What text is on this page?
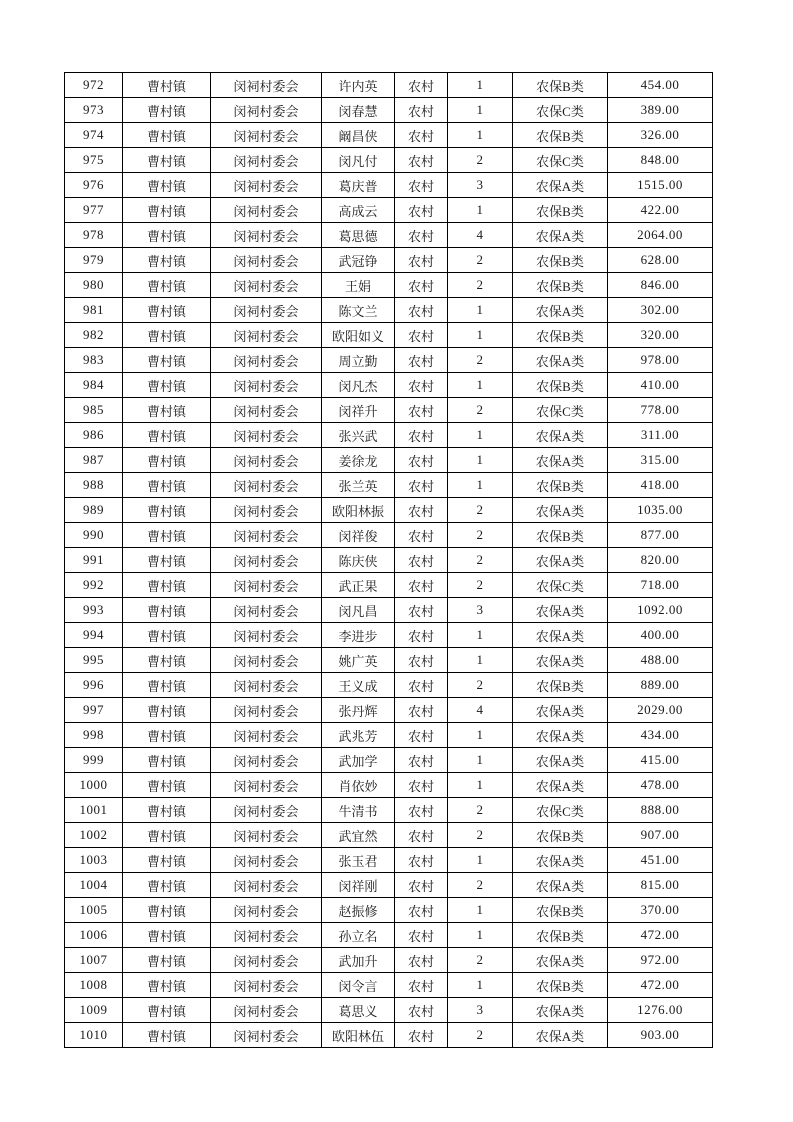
972	曹村镇	闵祠村委会	许内英	农村	1	农保B类	454.00
973	曹村镇	闵祠村委会	闵春慧	农村	1	农保C类	389.00
974	曹村镇	闵祠村委会	阚昌侠	农村	1	农保B类	326.00
975	曹村镇	闵祠村委会	闵凡付	农村	2	农保C类	848.00
976	曹村镇	闵祠村委会	葛庆普	农村	3	农保A类	1515.00
977	曹村镇	闵祠村委会	高成云	农村	1	农保B类	422.00
978	曹村镇	闵祠村委会	葛思德	农村	4	农保A类	2064.00
979	曹村镇	闵祠村委会	武冠铮	农村	2	农保B类	628.00
980	曹村镇	闵祠村委会	王娟	农村	2	农保B类	846.00
981	曹村镇	闵祠村委会	陈文兰	农村	1	农保A类	302.00
982	曹村镇	闵祠村委会	欧阳如义	农村	1	农保B类	320.00
983	曹村镇	闵祠村委会	周立勤	农村	2	农保A类	978.00
984	曹村镇	闵祠村委会	闵凡杰	农村	1	农保B类	410.00
985	曹村镇	闵祠村委会	闵祥升	农村	2	农保C类	778.00
986	曹村镇	闵祠村委会	张兴武	农村	1	农保A类	311.00
987	曹村镇	闵祠村委会	姜徐龙	农村	1	农保A类	315.00
988	曹村镇	闵祠村委会	张兰英	农村	1	农保B类	418.00
989	曹村镇	闵祠村委会	欧阳林振	农村	2	农保A类	1035.00
990	曹村镇	闵祠村委会	闵祥俊	农村	2	农保B类	877.00
991	曹村镇	闵祠村委会	陈庆侠	农村	2	农保A类	820.00
992	曹村镇	闵祠村委会	武正果	农村	2	农保C类	718.00
993	曹村镇	闵祠村委会	闵凡昌	农村	3	农保A类	1092.00
994	曹村镇	闵祠村委会	李进步	农村	1	农保A类	400.00
995	曹村镇	闵祠村委会	姚广英	农村	1	农保A类	488.00
996	曹村镇	闵祠村委会	王义成	农村	2	农保B类	889.00
997	曹村镇	闵祠村委会	张丹辉	农村	4	农保A类	2029.00
998	曹村镇	闵祠村委会	武兆芳	农村	1	农保A类	434.00
999	曹村镇	闵祠村委会	武加学	农村	1	农保A类	415.00
1000	曹村镇	闵祠村委会	肖依妙	农村	1	农保A类	478.00
1001	曹村镇	闵祠村委会	牛清书	农村	2	农保C类	888.00
1002	曹村镇	闵祠村委会	武宜然	农村	2	农保B类	907.00
1003	曹村镇	闵祠村委会	张玉君	农村	1	农保A类	451.00
1004	曹村镇	闵祠村委会	闵祥刚	农村	2	农保A类	815.00
1005	曹村镇	闵祠村委会	赵振修	农村	1	农保B类	370.00
1006	曹村镇	闵祠村委会	孙立名	农村	1	农保B类	472.00
1007	曹村镇	闵祠村委会	武加升	农村	2	农保A类	972.00
1008	曹村镇	闵祠村委会	闵令言	农村	1	农保B类	472.00
1009	曹村镇	闵祠村委会	葛思义	农村	3	农保A类	1276.00
1010	曹村镇	闵祠村委会	欧阳林伍	农村	2	农保A类	903.00
